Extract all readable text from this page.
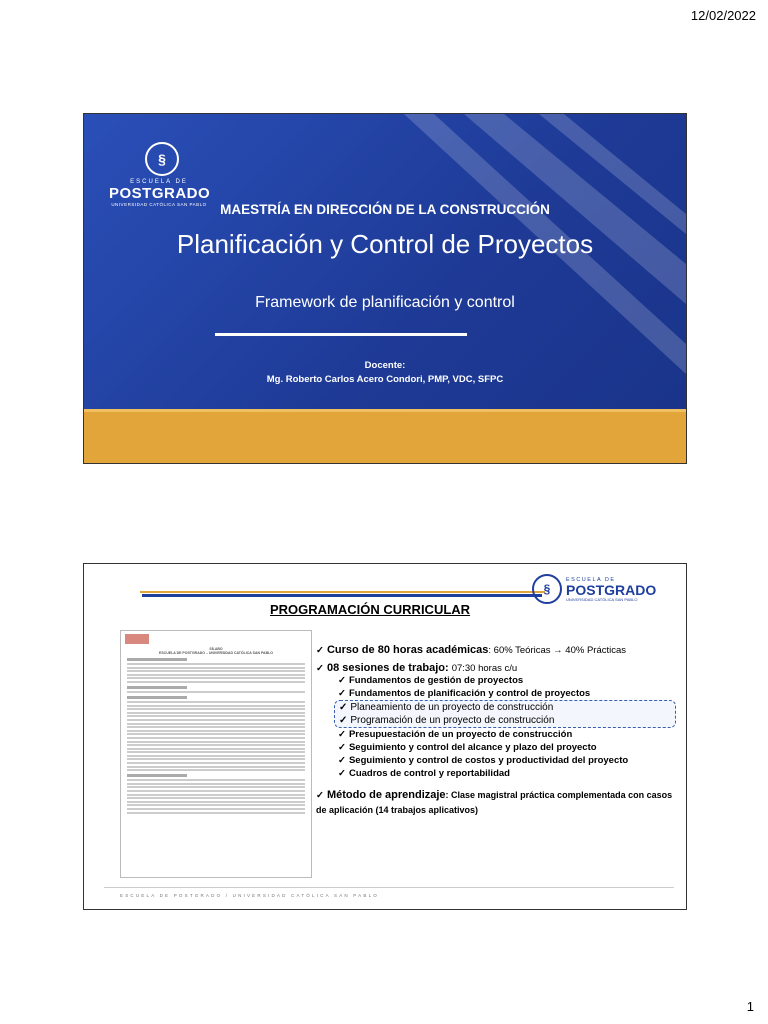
12/02/2022
§
ESCUELA DE
POSTGRADO
UNIVERSIDAD CATÓLICA SAN PABLO MAESTRÍA EN DIRECCIÓN DE LA CONSTRUCCIÓN
Planificación y Control de Proyectos
Framework de planificación y control
Docente:
Mg. Roberto Carlos Acero Condori, PMP, VDC, SFPC
§
ESCUELA DE
POSTGRADO
UNIVERSIDAD CATÓLICA SAN PABLO
PROGRAMACIÓN CURRICULAR
SÍLABO
ESCUELA DE POSTGRADO – UNIVERSIDAD CATÓLICA SAN PABLO	✓ Curso de 80 horas académicas: 60% Teóricas → 40% Prácticas
✓ 08 sesiones de trabajo: 07:30 horas c/u
✓ Fundamentos de gestión de proyectos
✓ Fundamentos de planificación y control de proyectos
✓ Planeamiento de un proyecto de construcción
✓ Programación de un proyecto de construcción
✓ Presupuestación de un proyecto de construcción
✓ Seguimiento y control del alcance y plazo del proyecto
✓ Seguimiento y control de costos y productividad del proyecto
✓ Cuadros de control y reportabilidad
✓ Método de aprendizaje: Clase magistral práctica complementada con casos de aplicación (14 trabajos aplicativos)
ESCUELA DE POSTGRADO / UNIVERSIDAD CATÓLICA SAN PABLO
1
